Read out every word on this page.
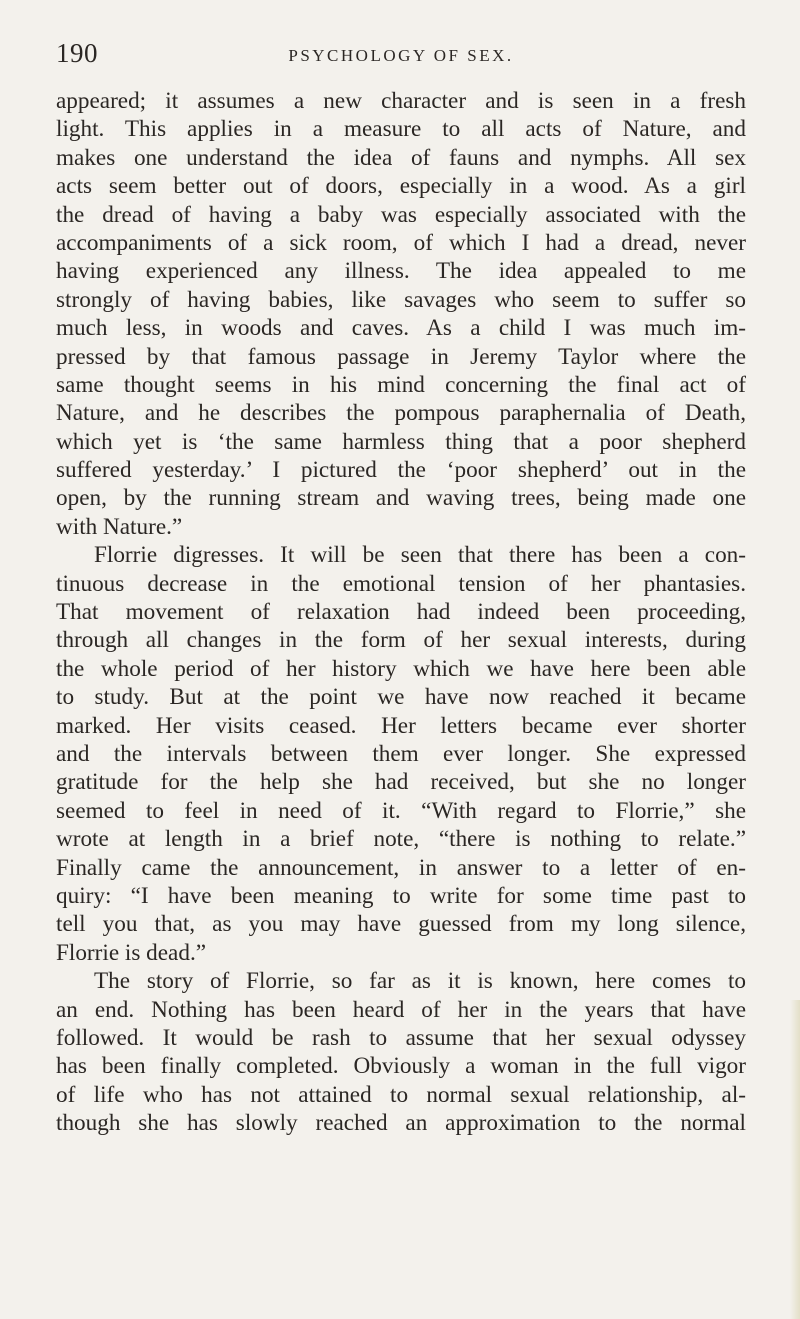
190	PSYCHOLOGY OF SEX.
appeared; it assumes a new character and is seen in a fresh
light. This applies in a measure to all acts of Nature, and
makes one understand the idea of fauns and nymphs. All sex
acts seem better out of doors, especially in a wood. As a girl
the dread of having a baby was especially associated with the
accompaniments of a sick room, of which I had a dread, never
having experienced any illness. The idea appealed to me
strongly of having babies, like savages who seem to suffer so
much less, in woods and caves. As a child I was much im-
pressed by that famous passage in Jeremy Taylor where the
same thought seems in his mind concerning the final act of
Nature, and he describes the pompous paraphernalia of Death,
which yet is ‘the same harmless thing that a poor shepherd
suffered yesterday.’ I pictured the ‘poor shepherd’ out in the
open, by the running stream and waving trees, being made one
with Nature.”
Florrie digresses. It will be seen that there has been a con-
tinuous decrease in the emotional tension of her phantasies.
That movement of relaxation had indeed been proceeding,
through all changes in the form of her sexual interests, during
the whole period of her history which we have here been able
to study. But at the point we have now reached it became
marked. Her visits ceased. Her letters became ever shorter
and the intervals between them ever longer. She expressed
gratitude for the help she had received, but she no longer
seemed to feel in need of it. “With regard to Florrie,” she
wrote at length in a brief note, “there is nothing to relate.”
Finally came the announcement, in answer to a letter of en-
quiry: “I have been meaning to write for some time past to
tell you that, as you may have guessed from my long silence,
Florrie is dead.”
The story of Florrie, so far as it is known, here comes to
an end. Nothing has been heard of her in the years that have
followed. It would be rash to assume that her sexual odyssey
has been finally completed. Obviously a woman in the full vigor
of life who has not attained to normal sexual relationship, al-
though she has slowly reached an approximation to the normal
